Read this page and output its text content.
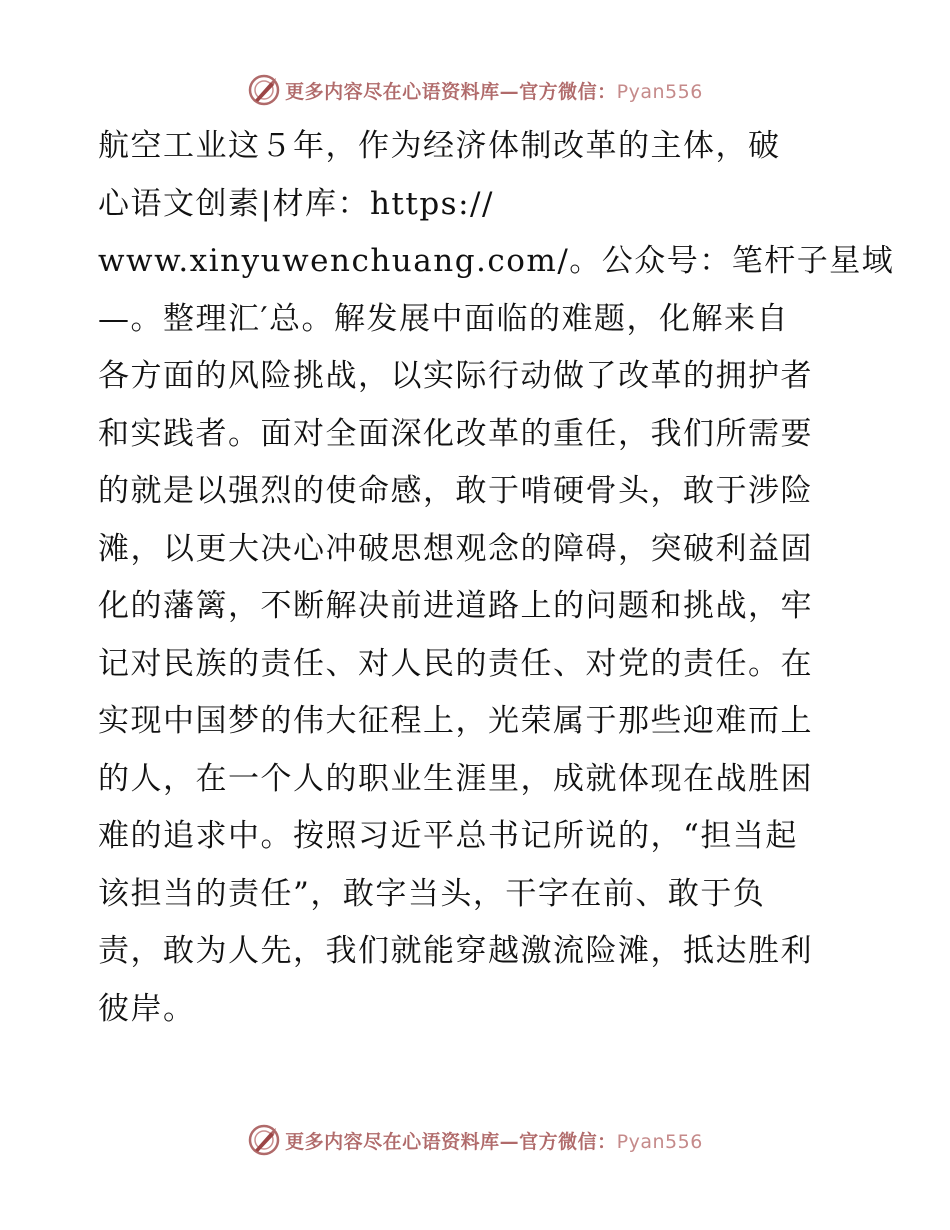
更多内容尽在心语资料库—官方微信：Pyan556
航空工业这５年，作为经济体制改革的主体，破
心语文创素|材库：https://
www.xinyuwenchuang.com/。公众号：笔杆子星域
—。整理汇′总。解发展中面临的难题，化解来自
各方面的风险挑战，以实际行动做了改革的拥护者
和实践者。面对全面深化改革的重任，我们所需要
的就是以强烈的使命感，敢于啃硬骨头，敢于涉险
滩，以更大决心冲破思想观念的障碍，突破利益固
化的藩篱，不断解决前进道路上的问题和挑战，牢
记对民族的责任、对人民的责任、对党的责任。在
实现中国梦的伟大征程上，光荣属于那些迎难而上
的人，在一个人的职业生涯里，成就体现在战胜困
难的追求中。按照习近平总书记所说的，“担当起
该担当的责任”，敢字当头，干字在前、敢于负
责，敢为人先，我们就能穿越激流险滩，抵达胜利
彼岸。
更多内容尽在心语资料库—官方微信：Pyan556
